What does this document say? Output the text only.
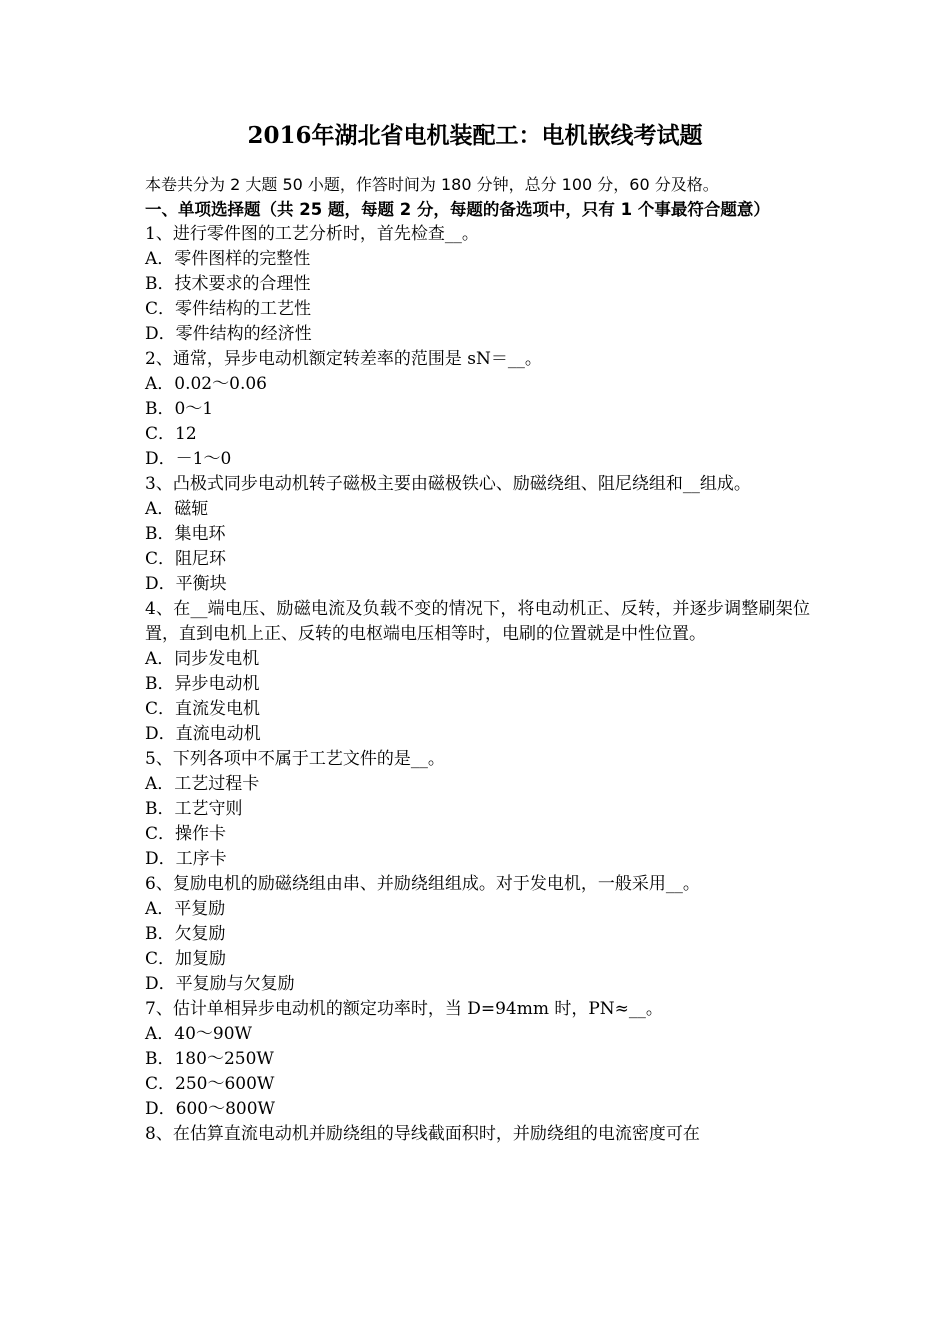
2016年湖北省电机装配工：电机嵌线考试题
本卷共分为 2 大题 50 小题，作答时间为 180 分钟，总分 100 分，60 分及格。
一、单项选择题（共 25 题，每题 2 分，每题的备选项中，只有 1 个事最符合题意）
1、进行零件图的工艺分析时，首先检查__。
A．零件图样的完整性
B．技术要求的合理性
C．零件结构的工艺性
D．零件结构的经济性
2、通常，异步电动机额定转差率的范围是 sN＝__。
A．0.02～0.06
B．0～1
C．12
D．－1～0
3、凸极式同步电动机转子磁极主要由磁极铁心、励磁绕组、阻尼绕组和__组成。
A．磁轭
B．集电环
C．阻尼环
D．平衡块
4、在__端电压、励磁电流及负载不变的情况下，将电动机正、反转，并逐步调整刷架位置，直到电机上正、反转的电枢端电压相等时，电刷的位置就是中性位置。
A．同步发电机
B．异步电动机
C．直流发电机
D．直流电动机
5、下列各项中不属于工艺文件的是__。
A．工艺过程卡
B．工艺守则
C．操作卡
D．工序卡
6、复励电机的励磁绕组由串、并励绕组组成。对于发电机，一般采用__。
A．平复励
B．欠复励
C．加复励
D．平复励与欠复励
7、估计单相异步电动机的额定功率时，当 D=94mm 时，PN≈__。
A．40～90W
B．180～250W
C．250～600W
D．600～800W
8、在估算直流电动机并励绕组的导线截面积时，并励绕组的电流密度可在
